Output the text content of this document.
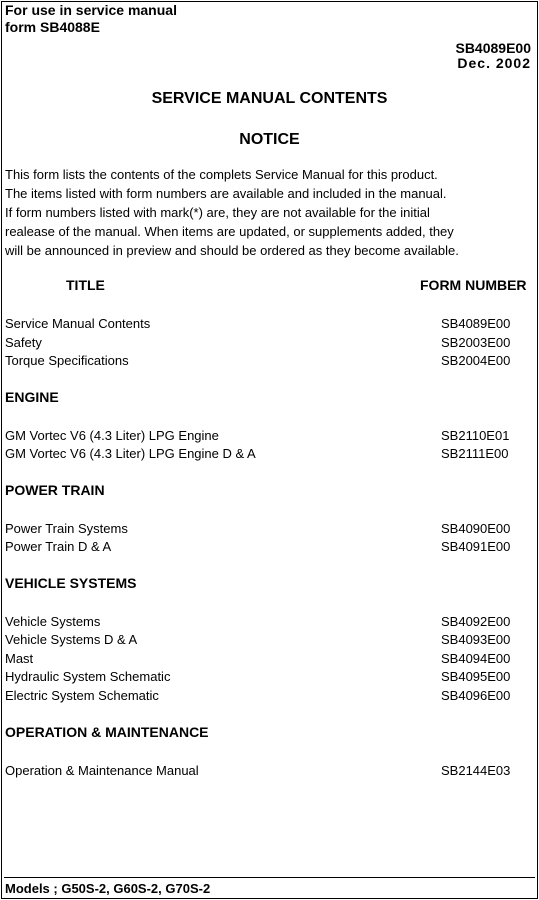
For use in service manual
form SB4088E
SB4089E00
Dec. 2002
SERVICE MANUAL CONTENTS
NOTICE
This form lists the contents of the complets Service Manual for this product.
The items listed with form numbers are available and included in the manual.
If form numbers listed with mark(*) are, they are not available for the initial
realease of the manual. When items are updated, or supplements added, they
will be announced in preview and should be ordered as they become available.
TITLE	FORM NUMBER
Service Manual Contents	SB4089E00
Safety	SB2003E00
Torque Specifications	SB2004E00
ENGINE
GM Vortec V6 (4.3 Liter) LPG Engine	SB2110E01
GM Vortec V6 (4.3 Liter) LPG Engine D & A	SB2111E00
POWER TRAIN
Power Train Systems	SB4090E00
Power Train D & A	SB4091E00
VEHICLE SYSTEMS
Vehicle Systems	SB4092E00
Vehicle Systems D & A	SB4093E00
Mast	SB4094E00
Hydraulic System Schematic	SB4095E00
Electric System Schematic	SB4096E00
OPERATION & MAINTENANCE
Operation & Maintenance Manual	SB2144E03
Models ; G50S-2, G60S-2, G70S-2
